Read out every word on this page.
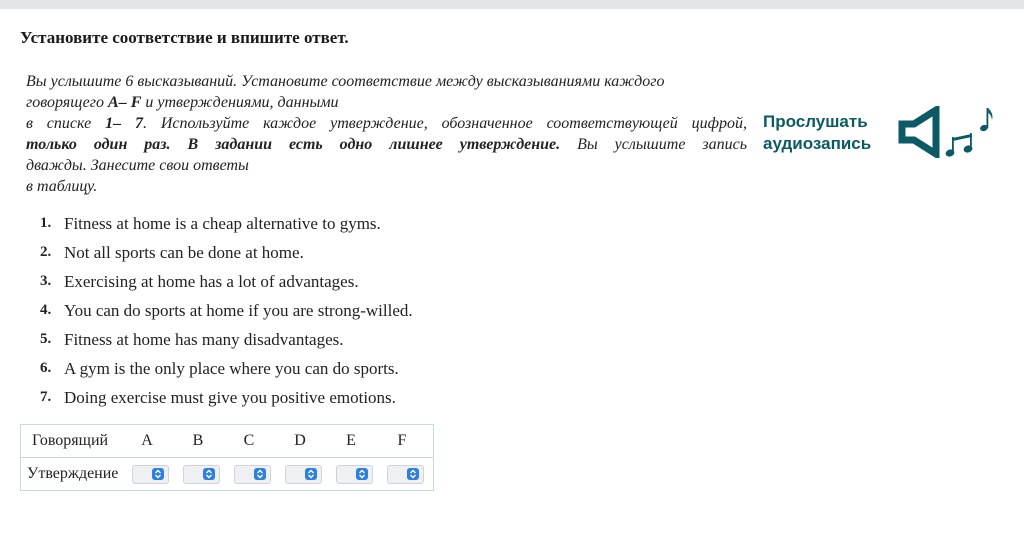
Установите соответствие и впишите ответ.
Вы услышите 6 высказываний. Установите соответствие между высказываниями каждого
говорящего A– F и утверждениями, данными
в списке 1– 7. Используйте каждое утверждение, обозначенное соответствующей цифрой,
только один раз. В задании есть одно лишнее утверждение. Вы услышите запись
дважды. Занесите свои ответы
в таблицу.
Прослушать
аудиозапись
1. Fitness at home is a cheap alternative to gyms.
2. Not all sports can be done at home.
3. Exercising at home has a lot of advantages.
4. You can do sports at home if you are strong-willed.
5. Fitness at home has many disadvantages.
6. A gym is the only place where you can do sports.
7. Doing exercise must give you positive emotions.
Говорящий	A	B	C	D	E	F
Утверждение	
